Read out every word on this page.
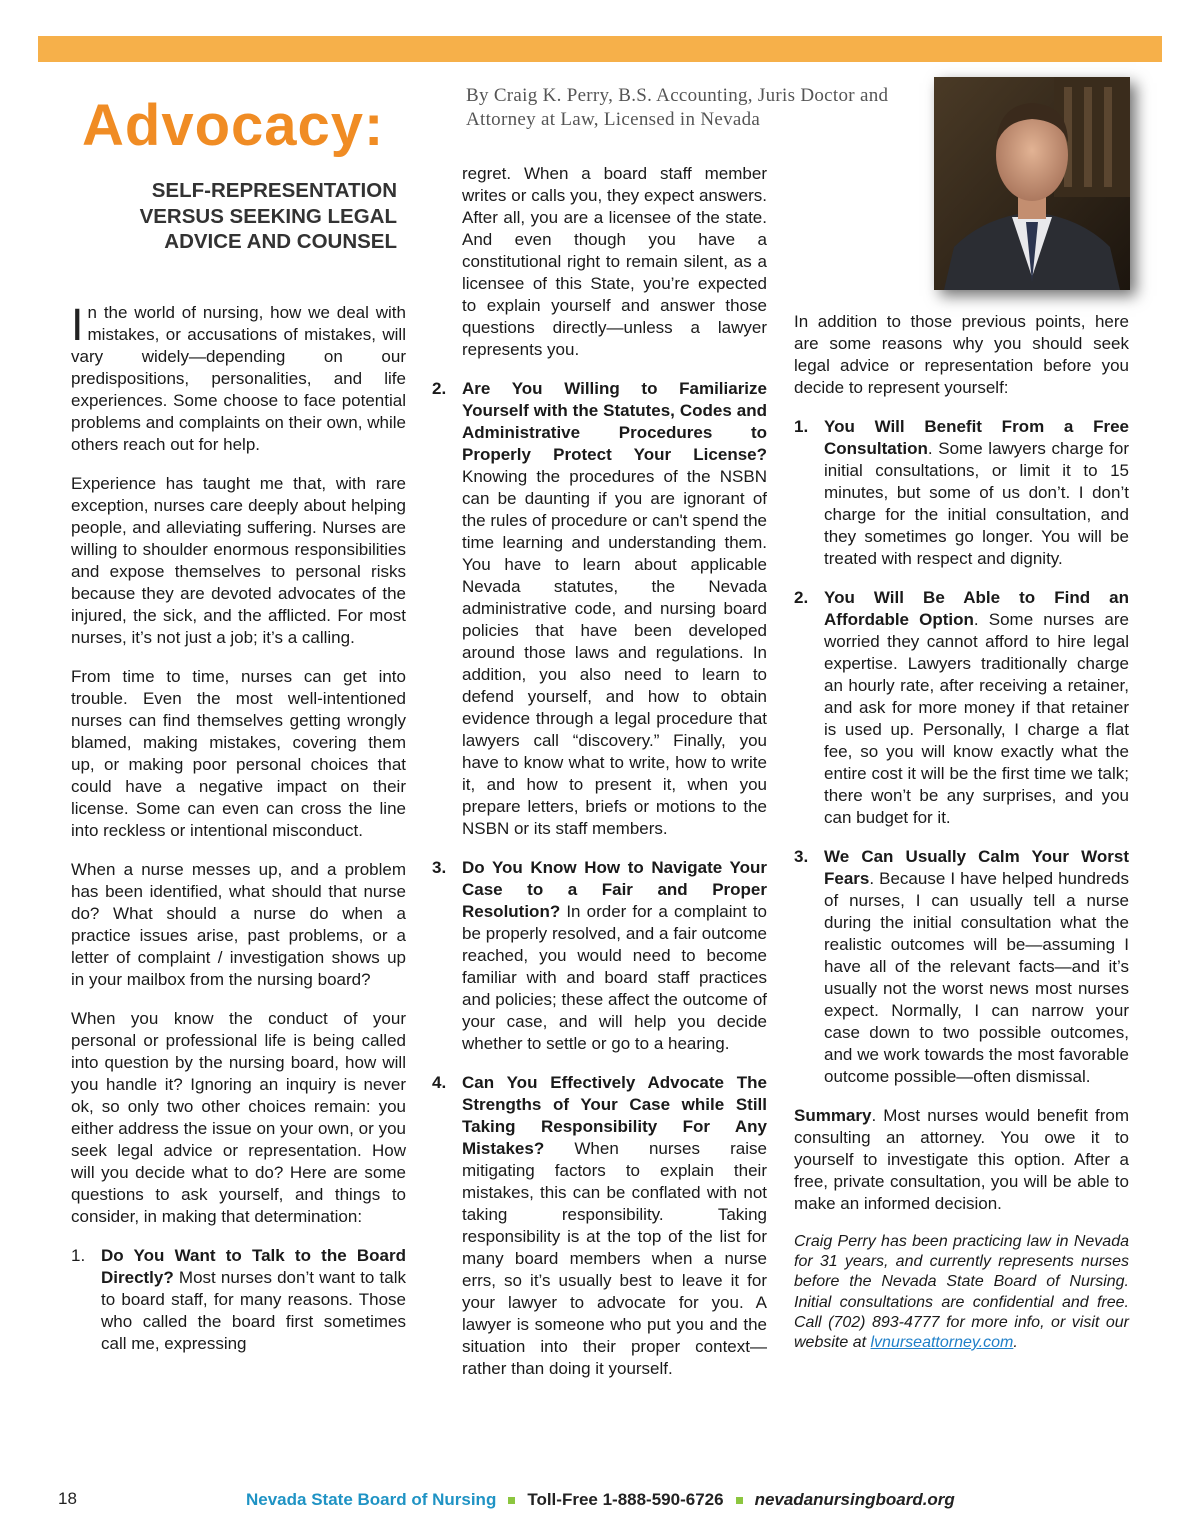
Advocacy:	By Craig K. Perry, B.S. Accounting, Juris Doctor and Attorney at Law, Licensed in Nevada
SELF-REPRESENTATION VERSUS SEEKING LEGAL ADVICE AND COUNSEL

In the world of nursing, how we deal with mistakes, or accusations of mistakes, will vary widely—depending on our predispositions, personalities, and life experiences. Some choose to face potential problems and complaints on their own, while others reach out for help.

Experience has taught me that, with rare exception, nurses care deeply about helping people, and alleviating suffering. Nurses are willing to shoulder enormous responsibilities and expose themselves to personal risks because they are devoted advocates of the injured, the sick, and the afflicted. For most nurses, it’s not just a job; it’s a calling.

From time to time, nurses can get into trouble. Even the most well-intentioned nurses can find themselves getting wrongly blamed, making mistakes, covering them up, or making poor personal choices that could have a negative impact on their license. Some can even can cross the line into reckless or intentional misconduct.

When a nurse messes up, and a problem has been identified, what should that nurse do? What should a nurse do when a practice issues arise, past problems, or a letter of complaint / investigation shows up in your mailbox from the nursing board?

When you know the conduct of your personal or professional life is being called into question by the nursing board, how will you handle it? Ignoring an inquiry is never ok, so only two other choices remain: you either address the issue on your own, or you seek legal advice or representation. How will you decide what to do? Here are some questions to ask yourself, and things to consider, in making that determination:

1. Do You Want to Talk to the Board Directly? Most nurses don’t want to talk to board staff, for many reasons. Those who called the board first sometimes call me, expressing
regret. When a board staff member writes or calls you, they expect answers. After all, you are a licensee of the state. And even though you have a constitutional right to remain silent, as a licensee of this State, you’re expected to explain yourself and answer those questions directly—unless a lawyer represents you.
2. Are You Willing to Familiarize Yourself with the Statutes, Codes and Administrative Procedures to Properly Protect Your License? Knowing the procedures of the NSBN can be daunting if you are ignorant of the rules of procedure or can't spend the time learning and understanding them. You have to learn about applicable Nevada statutes, the Nevada administrative code, and nursing board policies that have been developed around those laws and regulations. In addition, you also need to learn to defend yourself, and how to obtain evidence through a legal procedure that lawyers call “discovery.” Finally, you have to know what to write, how to write it, and how to present it, when you prepare letters, briefs or motions to the NSBN or its staff members.
3. Do You Know How to Navigate Your Case to a Fair and Proper Resolution? In order for a complaint to be properly resolved, and a fair outcome reached, you would need to become familiar with and board staff practices and policies; these affect the outcome of your case, and will help you decide whether to settle or go to a hearing.
4. Can You Effectively Advocate The Strengths of Your Case while Still Taking Responsibility For Any Mistakes? When nurses raise mitigating factors to explain their mistakes, this can be conflated with not taking responsibility. Taking responsibility is at the top of the list for many board members when a nurse errs, so it’s usually best to leave it for your lawyer to advocate for you. A lawyer is someone who put you and the situation into their proper context—rather than doing it yourself.

In addition to those previous points, here are some reasons why you should seek legal advice or representation before you decide to represent yourself:

1. You Will Benefit From a Free Consultation. Some lawyers charge for initial consultations, or limit it to 15 minutes, but some of us don’t. I don’t charge for the initial consultation, and they sometimes go longer. You will be treated with respect and dignity.
2. You Will Be Able to Find an Affordable Option. Some nurses are worried they cannot afford to hire legal expertise. Lawyers traditionally charge an hourly rate, after receiving a retainer, and ask for more money if that retainer is used up. Personally, I charge a flat fee, so you will know exactly what the entire cost it will be the first time we talk; there won’t be any surprises, and you can budget for it.
3. We Can Usually Calm Your Worst Fears. Because I have helped hundreds of nurses, I can usually tell a nurse during the initial consultation what the realistic outcomes will be—assuming I have all of the relevant facts—and it’s usually not the worst news most nurses expect. Normally, I can narrow your case down to two possible outcomes, and we work towards the most favorable outcome possible—often dismissal.

Summary. Most nurses would benefit from consulting an attorney. You owe it to yourself to investigate this option. After a free, private consultation, you will be able to make an informed decision.

Craig Perry has been practicing law in Nevada for 31 years, and currently represents nurses before the Nevada State Board of Nursing. Initial consultations are confidential and free. Call (702) 893-4777 for more info, or visit our website at lvnurseattorney.com.

18	Nevada State Board of Nursing Toll-Free 1-888-590-6726 nevadanursingboard.org
